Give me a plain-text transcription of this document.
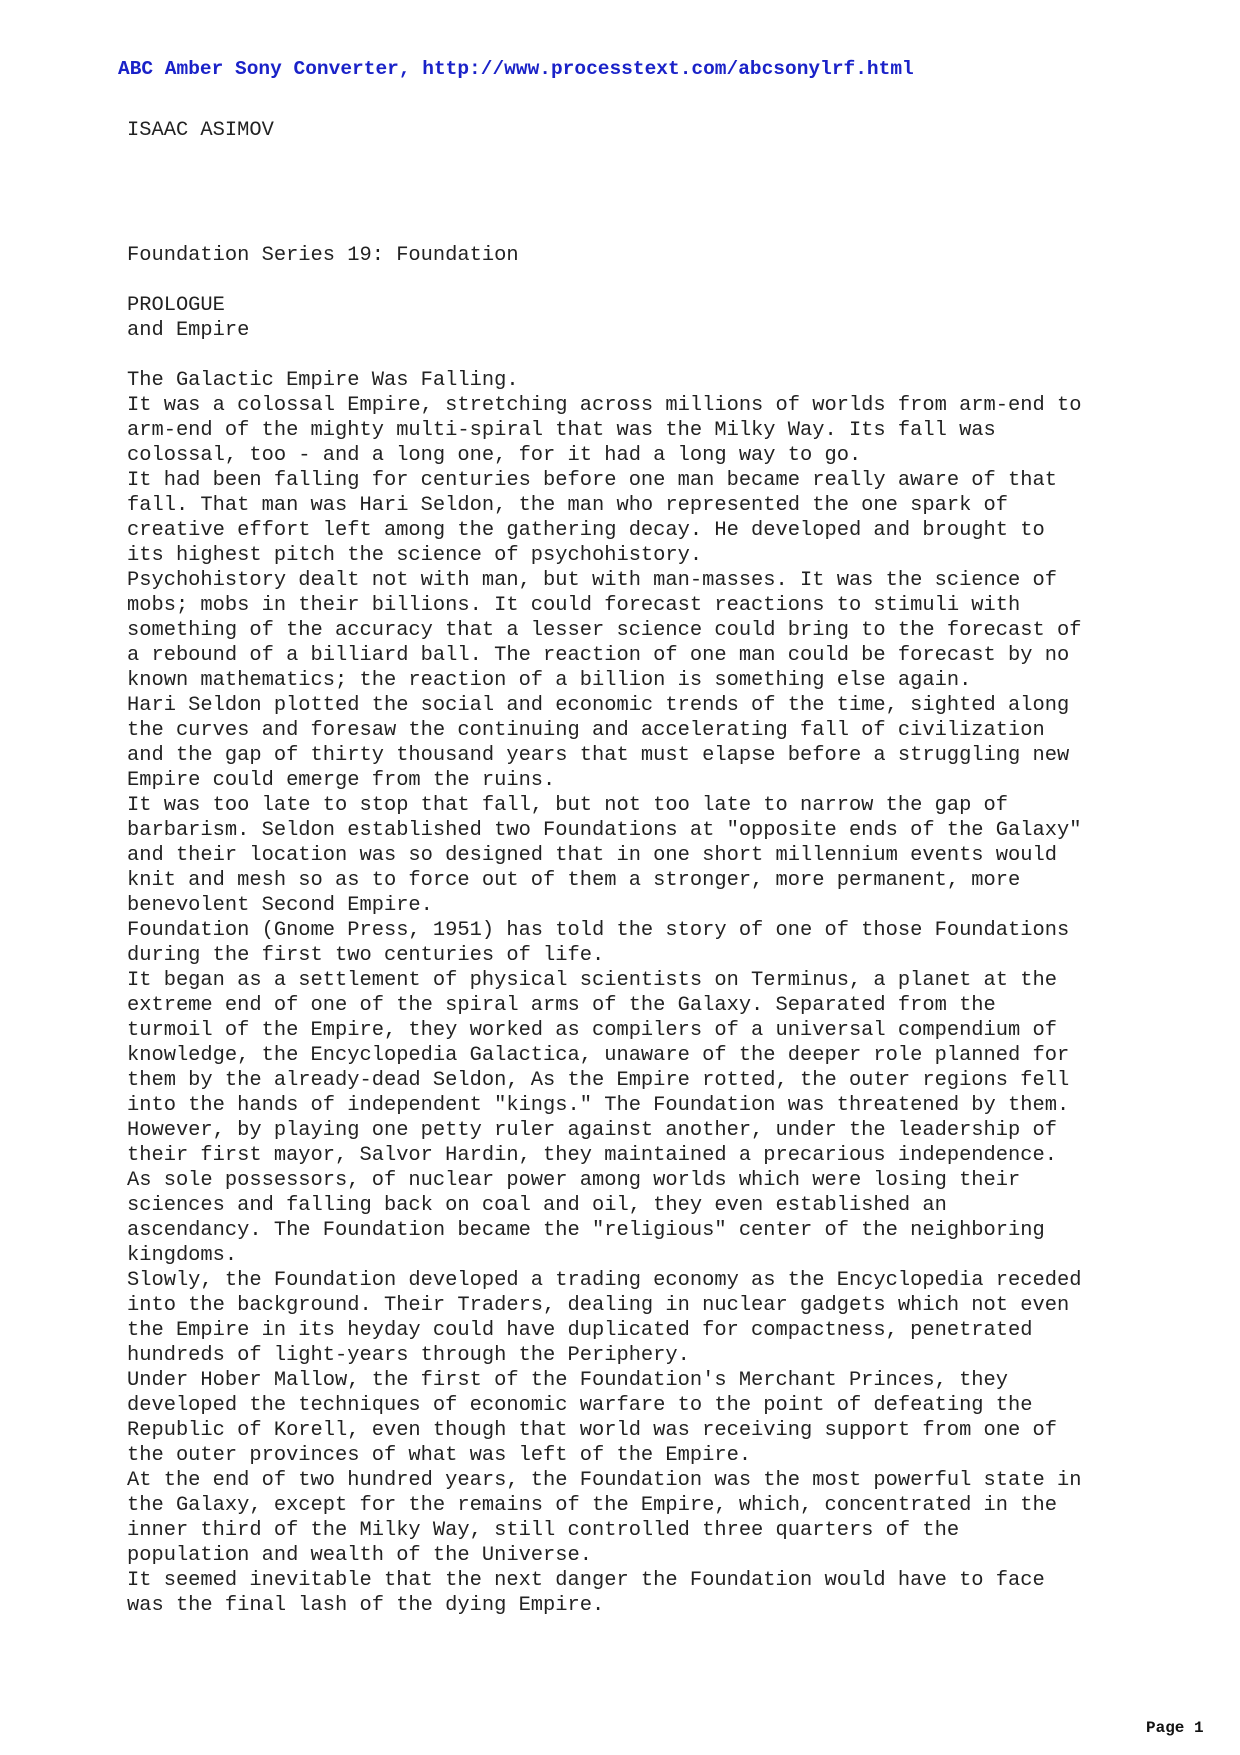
ABC Amber Sony Converter, http://www.processtext.com/abcsonylrf.html
ISAAC ASIMOV

Foundation Series 19: Foundation

and Empire

PROLOGUE
The Galactic Empire Was Falling.
It was a colossal Empire, stretching across millions of worlds from arm-end to
arm-end of the mighty multi-spiral that was the Milky Way. Its fall was
colossal, too - and a long one, for it had a long way to go.
It had been falling for centuries before one man became really aware of that
fall. That man was Hari Seldon, the man who represented the one spark of
creative effort left among the gathering decay. He developed and brought to
its highest pitch the science of psychohistory.
Psychohistory dealt not with man, but with man-masses. It was the science of
mobs; mobs in their billions. It could forecast reactions to stimuli with
something of the accuracy that a lesser science could bring to the forecast of
a rebound of a billiard ball. The reaction of one man could be forecast by no
known mathematics; the reaction of a billion is something else again.
Hari Seldon plotted the social and economic trends of the time, sighted along
the curves and foresaw the continuing and accelerating fall of civilization
and the gap of thirty thousand years that must elapse before a struggling new
Empire could emerge from the ruins.
It was too late to stop that fall, but not too late to narrow the gap of
barbarism. Seldon established two Foundations at "opposite ends of the Galaxy"
and their location was so designed that in one short millennium events would
knit and mesh so as to force out of them a stronger, more permanent, more
benevolent Second Empire.
Foundation (Gnome Press, 1951) has told the story of one of those Foundations
during the first two centuries of life.
It began as a settlement of physical scientists on Terminus, a planet at the
extreme end of one of the spiral arms of the Galaxy. Separated from the
turmoil of the Empire, they worked as compilers of a universal compendium of
knowledge, the Encyclopedia Galactica, unaware of the deeper role planned for
them by the already-dead Seldon, As the Empire rotted, the outer regions fell
into the hands of independent "kings." The Foundation was threatened by them.
However, by playing one petty ruler against another, under the leadership of
their first mayor, Salvor Hardin, they maintained a precarious independence.
As sole possessors, of nuclear power among worlds which were losing their
sciences and falling back on coal and oil, they even established an
ascendancy. The Foundation became the "religious" center of the neighboring
kingdoms.
Slowly, the Foundation developed a trading economy as the Encyclopedia receded
into the background. Their Traders, dealing in nuclear gadgets which not even
the Empire in its heyday could have duplicated for compactness, penetrated
hundreds of light-years through the Periphery.
Under Hober Mallow, the first of the Foundation's Merchant Princes, they
developed the techniques of economic warfare to the point of defeating the
Republic of Korell, even though that world was receiving support from one of
the outer provinces of what was left of the Empire.
At the end of two hundred years, the Foundation was the most powerful state in
the Galaxy, except for the remains of the Empire, which, concentrated in the
inner third of the Milky Way, still controlled three quarters of the
population and wealth of the Universe.
It seemed inevitable that the next danger the Foundation would have to face
was the final lash of the dying Empire.
Page 1
